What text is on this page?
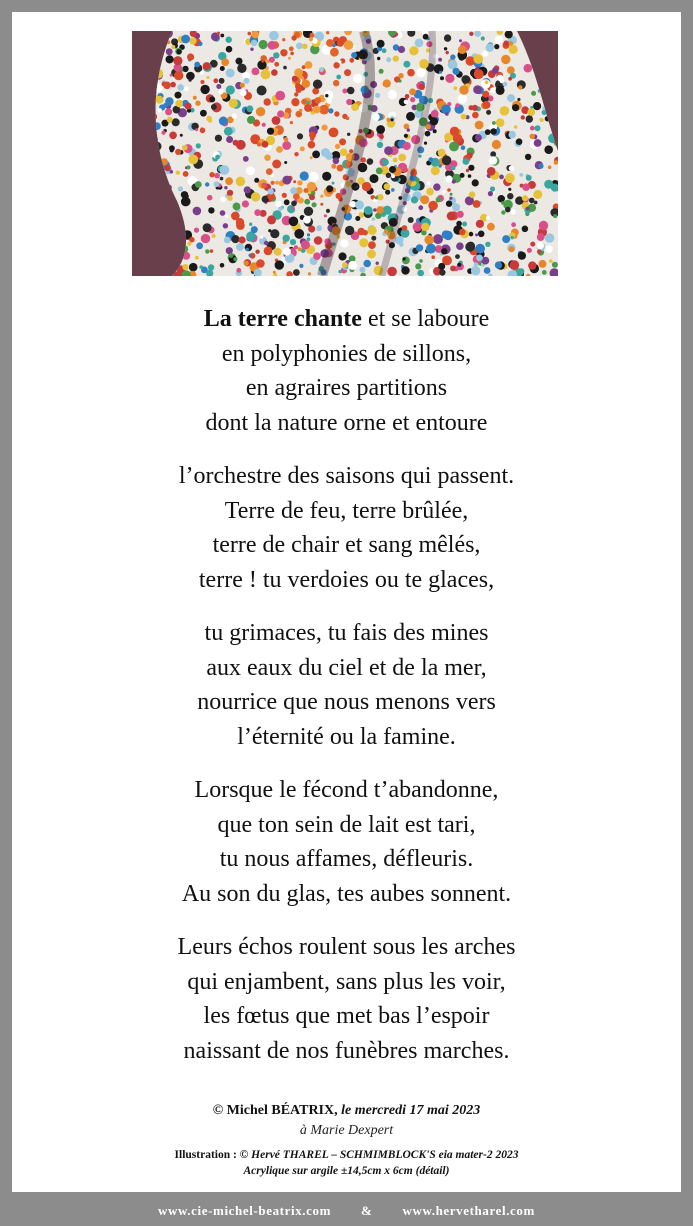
La terre chante et se laboure
en polyphonies de sillons,
en agraires partitions
dont la nature orne et entoure
l’orchestre des saisons qui passent.
Terre de feu, terre brûlée,
terre de chair et sang mêlés,
terre ! tu verdoies ou te glaces,
tu grimaces, tu fais des mines
aux eaux du ciel et de la mer,
nourrice que nous menons vers
l’éternité ou la famine.
Lorsque le fécond t’abandonne,
que ton sein de lait est tari,
tu nous affames, défleuris.
Au son du glas, tes aubes sonnent.
Leurs échos roulent sous les arches
qui enjambent, sans plus les voir,
les fœtus que met bas l’espoir
naissant de nos funèbres marches.
© Michel BÉATRIX, le mercredi 17 mai 2023
à Marie Dexpert
Illustration : © Hervé THAREL – SCHMIMBLOCK'S eia mater-2 2023
Acrylique sur argile ±14,5cm x 6cm (détail)
www.cie-michel-beatrix.com & www.hervetharel.com
